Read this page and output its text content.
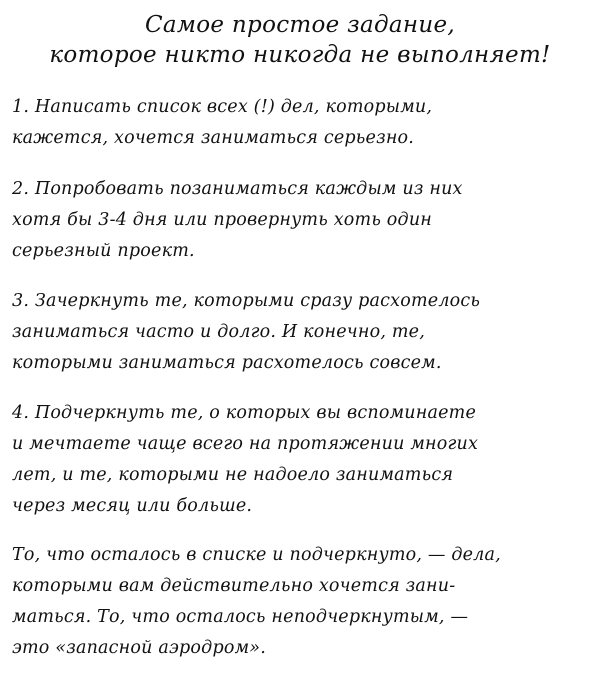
Самое простое задание,
которое никто никогда не выполняет!
1. Написать список всех (!) дел, которыми,
кажется, хочется заниматься серьезно.
2. Попробовать позаниматься каждым из них
хотя бы 3-4 дня или провернуть хоть один
серьезный проект.
3. Зачеркнуть те, которыми сразу расхотелось
заниматься часто и долго. И конечно, те,
которыми заниматься расхотелось совсем.
4. Подчеркнуть те, о которых вы вспоминаете
и мечтаете чаще всего на протяжении многих
лет, и те, которыми не надоело заниматься
через месяц или больше.
То, что осталось в списке и подчеркнуто, — дела,
которыми вам действительно хочется зани-
маться. То, что осталось неподчеркнутым, —
это «запасной аэродром».
